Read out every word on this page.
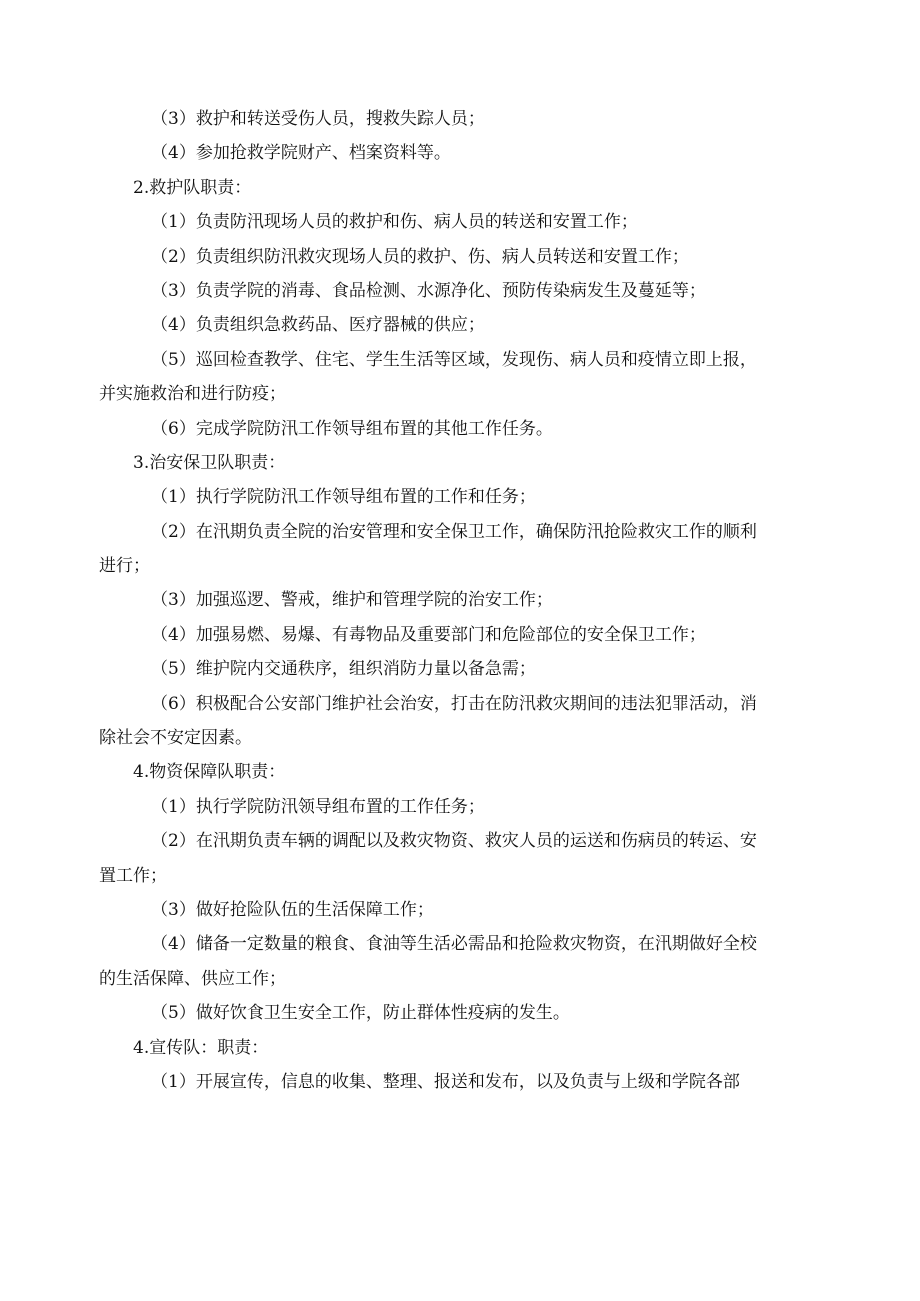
（3）救护和转送受伤人员，搜救失踪人员；
（4）参加抢救学院财产、档案资料等。
2.救护队职责：
（1）负责防汛现场人员的救护和伤、病人员的转送和安置工作；
（2）负责组织防汛救灾现场人员的救护、伤、病人员转送和安置工作；
（3）负责学院的消毒、食品检测、水源净化、预防传染病发生及蔓延等；
（4）负责组织急救药品、医疗器械的供应；
（5）巡回检查教学、住宅、学生生活等区域，发现伤、病人员和疫情立即上报，
并实施救治和进行防疫；
（6）完成学院防汛工作领导组布置的其他工作任务。
3.治安保卫队职责：
（1）执行学院防汛工作领导组布置的工作和任务；
（2）在汛期负责全院的治安管理和安全保卫工作，确保防汛抢险救灾工作的顺利
进行；
（3）加强巡逻、警戒，维护和管理学院的治安工作；
（4）加强易燃、易爆、有毒物品及重要部门和危险部位的安全保卫工作；
（5）维护院内交通秩序，组织消防力量以备急需；
（6）积极配合公安部门维护社会治安，打击在防汛救灾期间的违法犯罪活动，消
除社会不安定因素。
4.物资保障队职责：
（1）执行学院防汛领导组布置的工作任务；
（2）在汛期负责车辆的调配以及救灾物资、救灾人员的运送和伤病员的转运、安
置工作；
（3）做好抢险队伍的生活保障工作；
（4）储备一定数量的粮食、食油等生活必需品和抢险救灾物资，在汛期做好全校
的生活保障、供应工作；
（5）做好饮食卫生安全工作，防止群体性疫病的发生。
4.宣传队：职责：
（1）开展宣传，信息的收集、整理、报送和发布，以及负责与上级和学院各部
